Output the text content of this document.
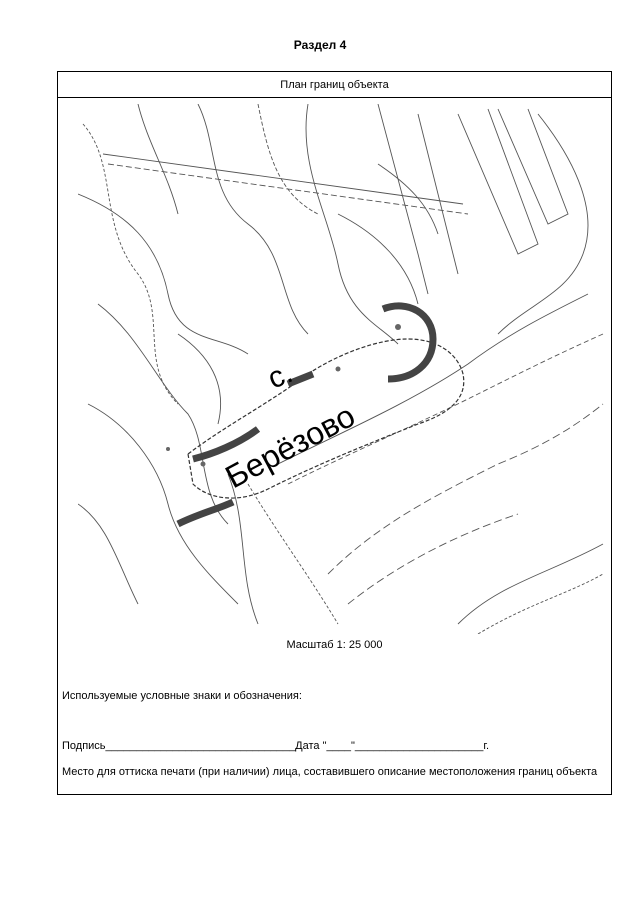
Раздел 4
План границ объекта
с.
Берёзово
Масштаб 1: 25 000
Используемые условные знаки и обозначения:
Подпись_______________________________Дата "____"_____________________г.
Место для оттиска печати (при наличии) лица, составившего описание местоположения границ объекта
